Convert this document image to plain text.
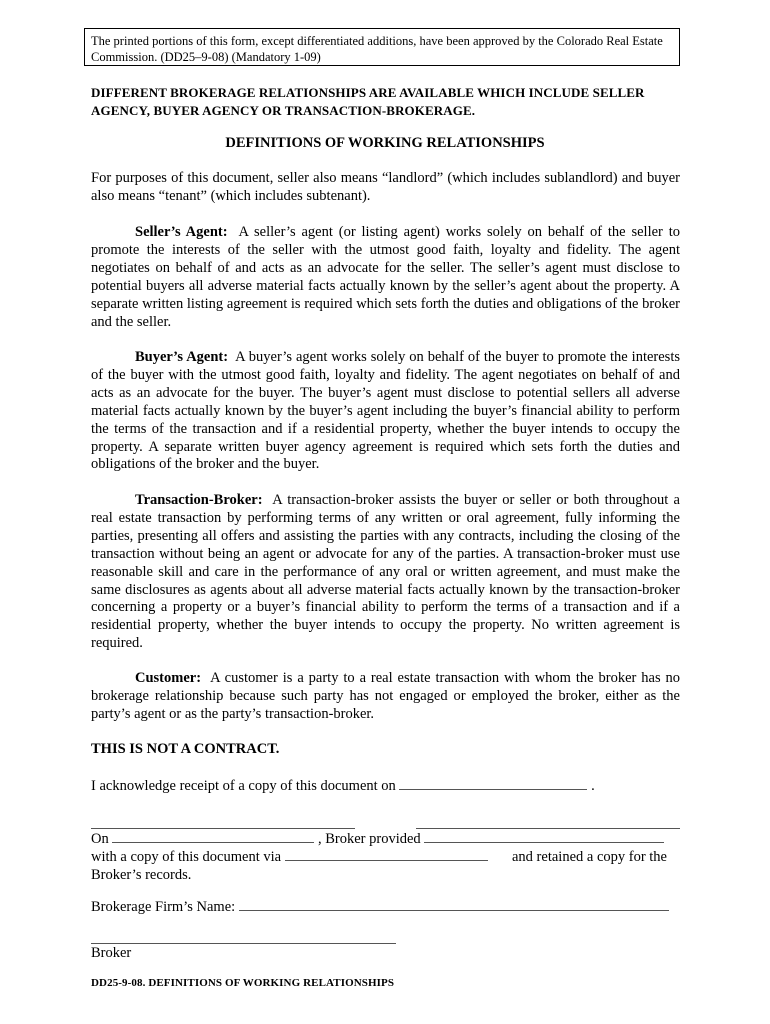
The printed portions of this form, except differentiated additions, have been approved by the Colorado Real Estate Commission. (DD25–9-08) (Mandatory 1-09)
DIFFERENT BROKERAGE RELATIONSHIPS ARE AVAILABLE WHICH INCLUDE SELLER AGENCY, BUYER AGENCY OR TRANSACTION-BROKERAGE.
DEFINITIONS OF WORKING RELATIONSHIPS
For purposes of this document, seller also means “landlord” (which includes sublandlord) and buyer also means “tenant” (which includes subtenant).
Seller’s Agent: A seller’s agent (or listing agent) works solely on behalf of the seller to promote the interests of the seller with the utmost good faith, loyalty and fidelity. The agent negotiates on behalf of and acts as an advocate for the seller. The seller’s agent must disclose to potential buyers all adverse material facts actually known by the seller’s agent about the property. A separate written listing agreement is required which sets forth the duties and obligations of the broker and the seller.
Buyer’s Agent: A buyer’s agent works solely on behalf of the buyer to promote the interests of the buyer with the utmost good faith, loyalty and fidelity. The agent negotiates on behalf of and acts as an advocate for the buyer. The buyer’s agent must disclose to potential sellers all adverse material facts actually known by the buyer’s agent including the buyer’s financial ability to perform the terms of the transaction and if a residential property, whether the buyer intends to occupy the property. A separate written buyer agency agreement is required which sets forth the duties and obligations of the broker and the buyer.
Transaction-Broker: A transaction-broker assists the buyer or seller or both throughout a real estate transaction by performing terms of any written or oral agreement, fully informing the parties, presenting all offers and assisting the parties with any contracts, including the closing of the transaction without being an agent or advocate for any of the parties. A transaction-broker must use reasonable skill and care in the performance of any oral or written agreement, and must make the same disclosures as agents about all adverse material facts actually known by the transaction-broker concerning a property or a buyer’s financial ability to perform the terms of a transaction and if a residential property, whether the buyer intends to occupy the property. No written agreement is required.
Customer: A customer is a party to a real estate transaction with whom the broker has no brokerage relationship because such party has not engaged or employed the broker, either as the party’s agent or as the party’s transaction-broker.
THIS IS NOT A CONTRACT.
I acknowledge receipt of a copy of this document on	.
On	, Broker provided
with a copy of this document via	and retained a copy for the
Broker’s records.
Brokerage Firm’s Name:
Broker
DD25-9-08. DEFINITIONS OF WORKING RELATIONSHIPS
